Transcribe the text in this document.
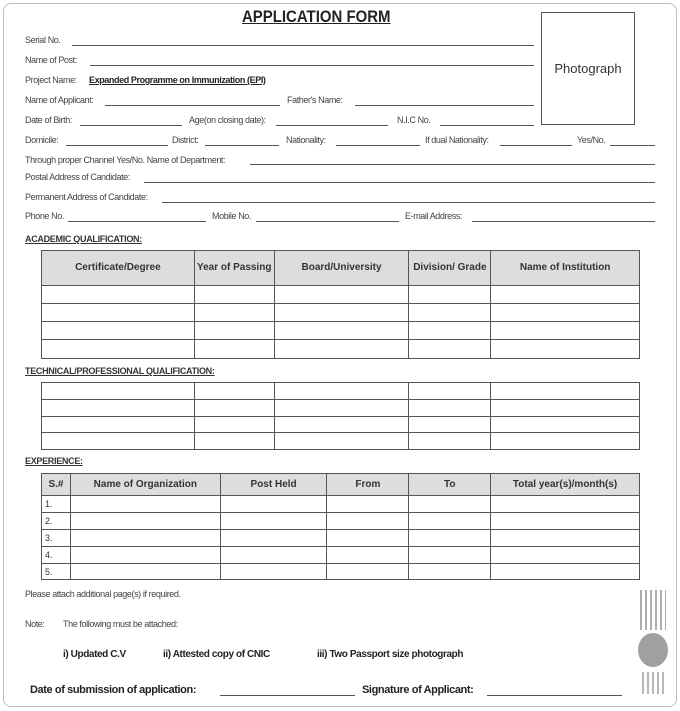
APPLICATION FORM
Photograph
Serial No.
Name of Post:
Project Name: Expanded Programme on Immunization (EPI)
Name of Applicant:	Father's Name:
Date of Birth:	Age(on closing date):	N.I.C No.
Domicile:	District:	Nationality:	If dual Nationality:	Yes/No.
Through proper Channel Yes/No. Name of Department:
Postal Address of Candidate:
Permanent Address of Candidate:
Phone No.	Mobile No.	E-mail Address:
ACADEMIC QUALIFICATION:
Certificate/Degree	Year of Passing	Board/University	Division/ Grade	Name of Institution

TECHNICAL/PROFESSIONAL QUALIFICATION:

EXPERIENCE:
S.#	Name of Organization	Post Held	From	To	Total year(s)/month(s)
1.					
2.					
3.					
4.					
5.					
Please attach additional page(s) if required.
Note: The following must be attached:
i) Updated C.V	ii) Attested copy of CNIC	iii) Two Passport size photograph
Date of submission of application:	Signature of Applicant:
